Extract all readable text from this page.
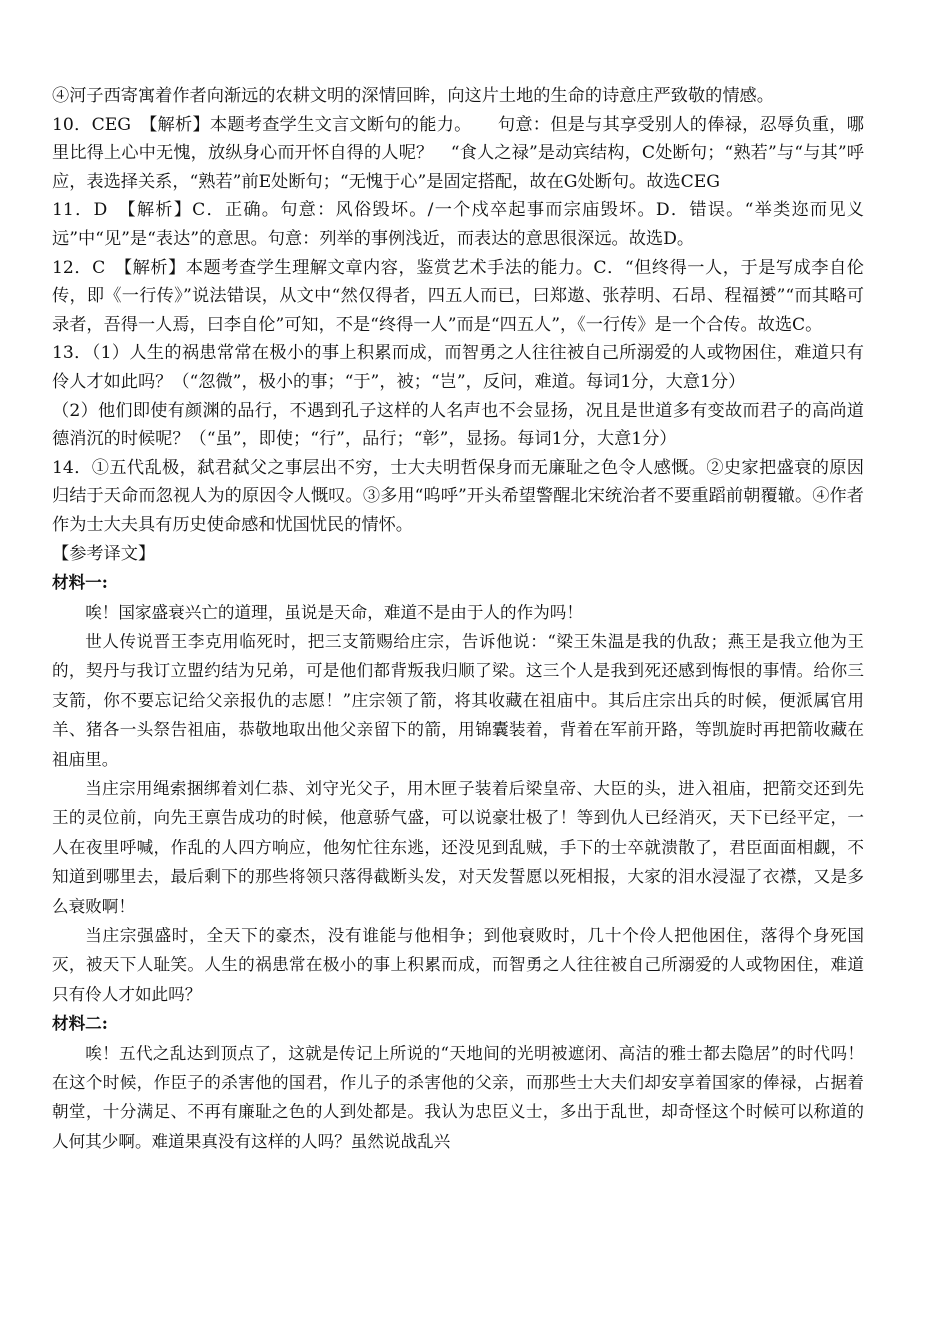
④河子西寄寓着作者向渐远的农耕文明的深情回眸，向这片土地的生命的诗意庄严致敬的情感。

10．CEG　【解析】本题考查学生文言文断句的能力。　　句意：但是与其享受别人的俸禄，忍辱负重，哪里比得上心中无愧，放纵身心而开怀自得的人呢？　“食人之禄”是动宾结构，C处断句；“熟若”与“与其”呼应，表选择关系，“熟若”前E处断句；“无愧于心”是固定搭配，故在G处断句。故选CEG

11．D　【解析】C．正确。句意：风俗毁坏。/一个戍卒起事而宗庙毁坏。D．错误。“举类迩而见义远”中“见”是“表达”的意思。句意：列举的事例浅近，而表达的意思很深远。故选D。

12．C　【解析】本题考查学生理解文章内容，鉴赏艺术手法的能力。C．“但终得一人，于是写成李自伦传，即《一行传》”说法错误，从文中“然仅得者，四五人而已，曰郑遨、张荐明、石昂、程福赟”“而其略可录者，吾得一人焉，曰李自伦”可知，不是“终得一人”而是“四五人”，《一行传》是一个合传。故选C。

13．（1）人生的祸患常常在极小的事上积累而成，而智勇之人往往被自己所溺爱的人或物困住，难道只有伶人才如此吗？（“忽微”，极小的事；“于”，被；“岂”，反问，难道。每词1分，大意1分）

（2）他们即使有颜渊的品行，不遇到孔子这样的人名声也不会显扬，况且是世道多有变故而君子的高尚道德消沉的时候呢？（“虽”，即使；“行”，品行；“彰”，显扬。每词1分，大意1分）

14．①五代乱极，弑君弑父之事层出不穷，士大夫明哲保身而无廉耻之色令人感慨。②史家把盛衰的原因归结于天命而忽视人为的原因令人慨叹。③多用“呜呼”开头希望警醒北宋统治者不要重蹈前朝覆辙。④作者作为士大夫具有历史使命感和忧国忧民的情怀。

【参考译文】

材料一:

唉！国家盛衰兴亡的道理，虽说是天命，难道不是由于人的作为吗！

世人传说晋王李克用临死时，把三支箭赐给庄宗，告诉他说：“梁王朱温是我的仇敌；燕王是我立他为王的，契丹与我订立盟约结为兄弟，可是他们都背叛我归顺了梁。这三个人是我到死还感到悔恨的事情。给你三支箭，你不要忘记给父亲报仇的志愿！”庄宗领了箭，将其收藏在祖庙中。其后庄宗出兵的时候，便派属官用羊、猪各一头祭告祖庙，恭敬地取出他父亲留下的箭，用锦囊装着，背着在军前开路，等凯旋时再把箭收藏在祖庙里。

当庄宗用绳索捆绑着刘仁恭、刘守光父子，用木匣子装着后梁皇帝、大臣的头，进入祖庙，把箭交还到先王的灵位前，向先王禀告成功的时候，他意骄气盛，可以说豪壮极了！等到仇人已经消灭，天下已经平定，一人在夜里呼喊，作乱的人四方响应，他匆忙往东逃，还没见到乱贼，手下的士卒就溃散了，君臣面面相觑，不知道到哪里去，最后剩下的那些将领只落得截断头发，对天发誓愿以死相报，大家的泪水浸湿了衣襟，又是多么衰败啊！

当庄宗强盛时，全天下的豪杰，没有谁能与他相争；到他衰败时，几十个伶人把他困住，落得个身死国灭，被天下人耻笑。人生的祸患常在极小的事上积累而成，而智勇之人往往被自己所溺爱的人或物困住，难道只有伶人才如此吗？

材料二:

唉！五代之乱达到顶点了，这就是传记上所说的“天地间的光明被遮闭、高洁的雅士都去隐居”的时代吗！在这个时候，作臣子的杀害他的国君，作儿子的杀害他的父亲，而那些士大夫们却安享着国家的俸禄，占据着朝堂，十分满足、不再有廉耻之色的人到处都是。我认为忠臣义士，多出于乱世，却奇怪这个时候可以称道的人何其少啊。难道果真没有这样的人吗？虽然说战乱兴
